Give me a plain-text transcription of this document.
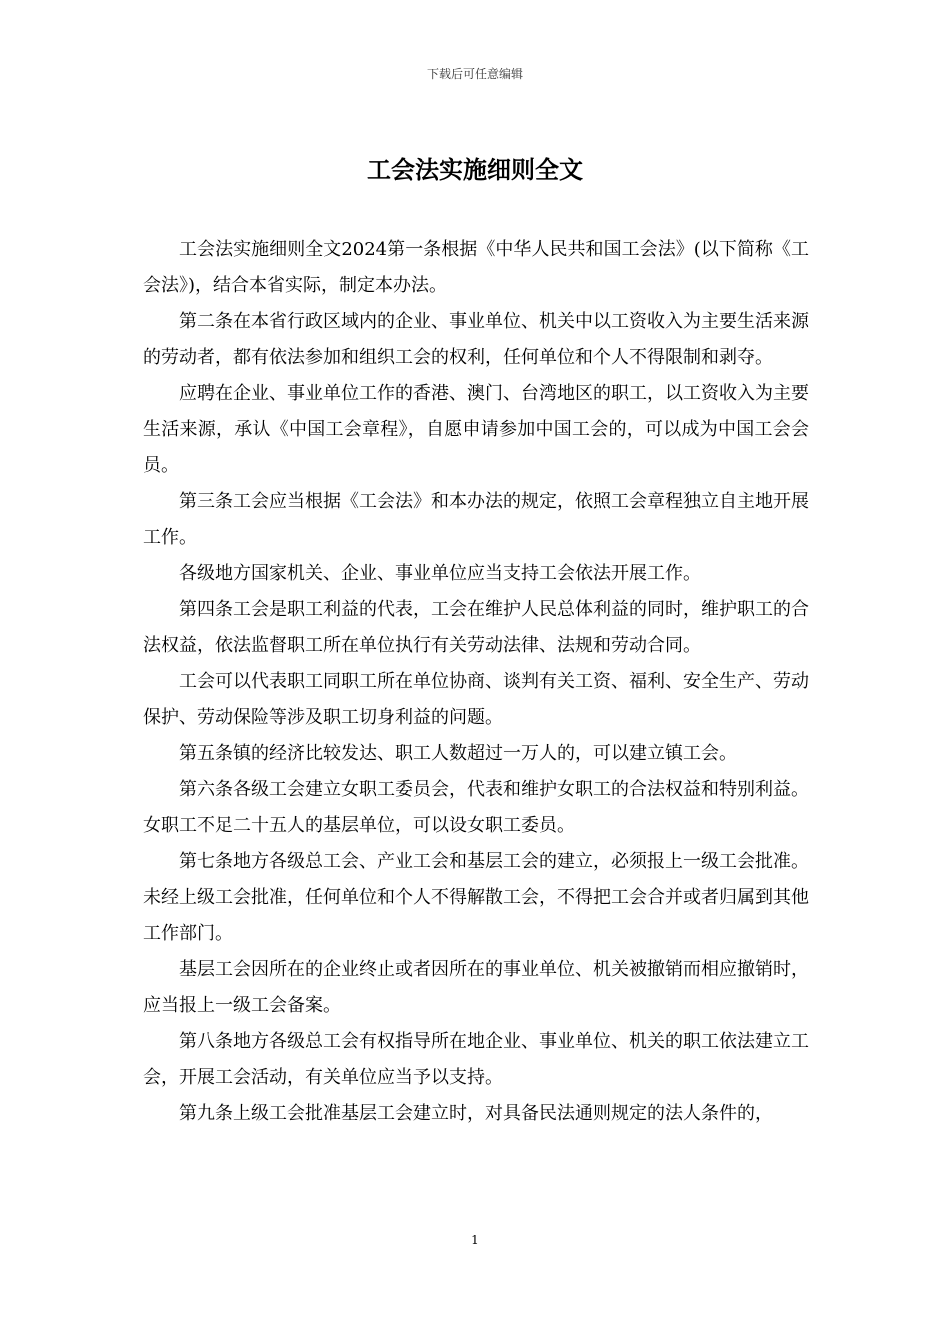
下载后可任意编辑
工会法实施细则全文

工会法实施细则全文2024第一条根据《中华人民共和国工会法》(以下简称《工会法》)，结合本省实际，制定本办法。

第二条在本省行政区域内的企业、事业单位、机关中以工资收入为主要生活来源的劳动者，都有依法参加和组织工会的权利，任何单位和个人不得限制和剥夺。

应聘在企业、事业单位工作的香港、澳门、台湾地区的职工，以工资收入为主要生活来源，承认《中国工会章程》，自愿申请参加中国工会的，可以成为中国工会会员。

第三条工会应当根据《工会法》和本办法的规定，依照工会章程独立自主地开展工作。

各级地方国家机关、企业、事业单位应当支持工会依法开展工作。

第四条工会是职工利益的代表，工会在维护人民总体利益的同时，维护职工的合法权益，依法监督职工所在单位执行有关劳动法律、法规和劳动合同。

工会可以代表职工同职工所在单位协商、谈判有关工资、福利、安全生产、劳动保护、劳动保险等涉及职工切身利益的问题。

第五条镇的经济比较发达、职工人数超过一万人的，可以建立镇工会。

第六条各级工会建立女职工委员会，代表和维护女职工的合法权益和特别利益。女职工不足二十五人的基层单位，可以设女职工委员。

第七条地方各级总工会、产业工会和基层工会的建立，必须报上一级工会批准。未经上级工会批准，任何单位和个人不得解散工会，不得把工会合并或者归属到其他工作部门。

基层工会因所在的企业终止或者因所在的事业单位、机关被撤销而相应撤销时，应当报上一级工会备案。

第八条地方各级总工会有权指导所在地企业、事业单位、机关的职工依法建立工会，开展工会活动，有关单位应当予以支持。

第九条上级工会批准基层工会建立时，对具备民法通则规定的法人条件的，

1
